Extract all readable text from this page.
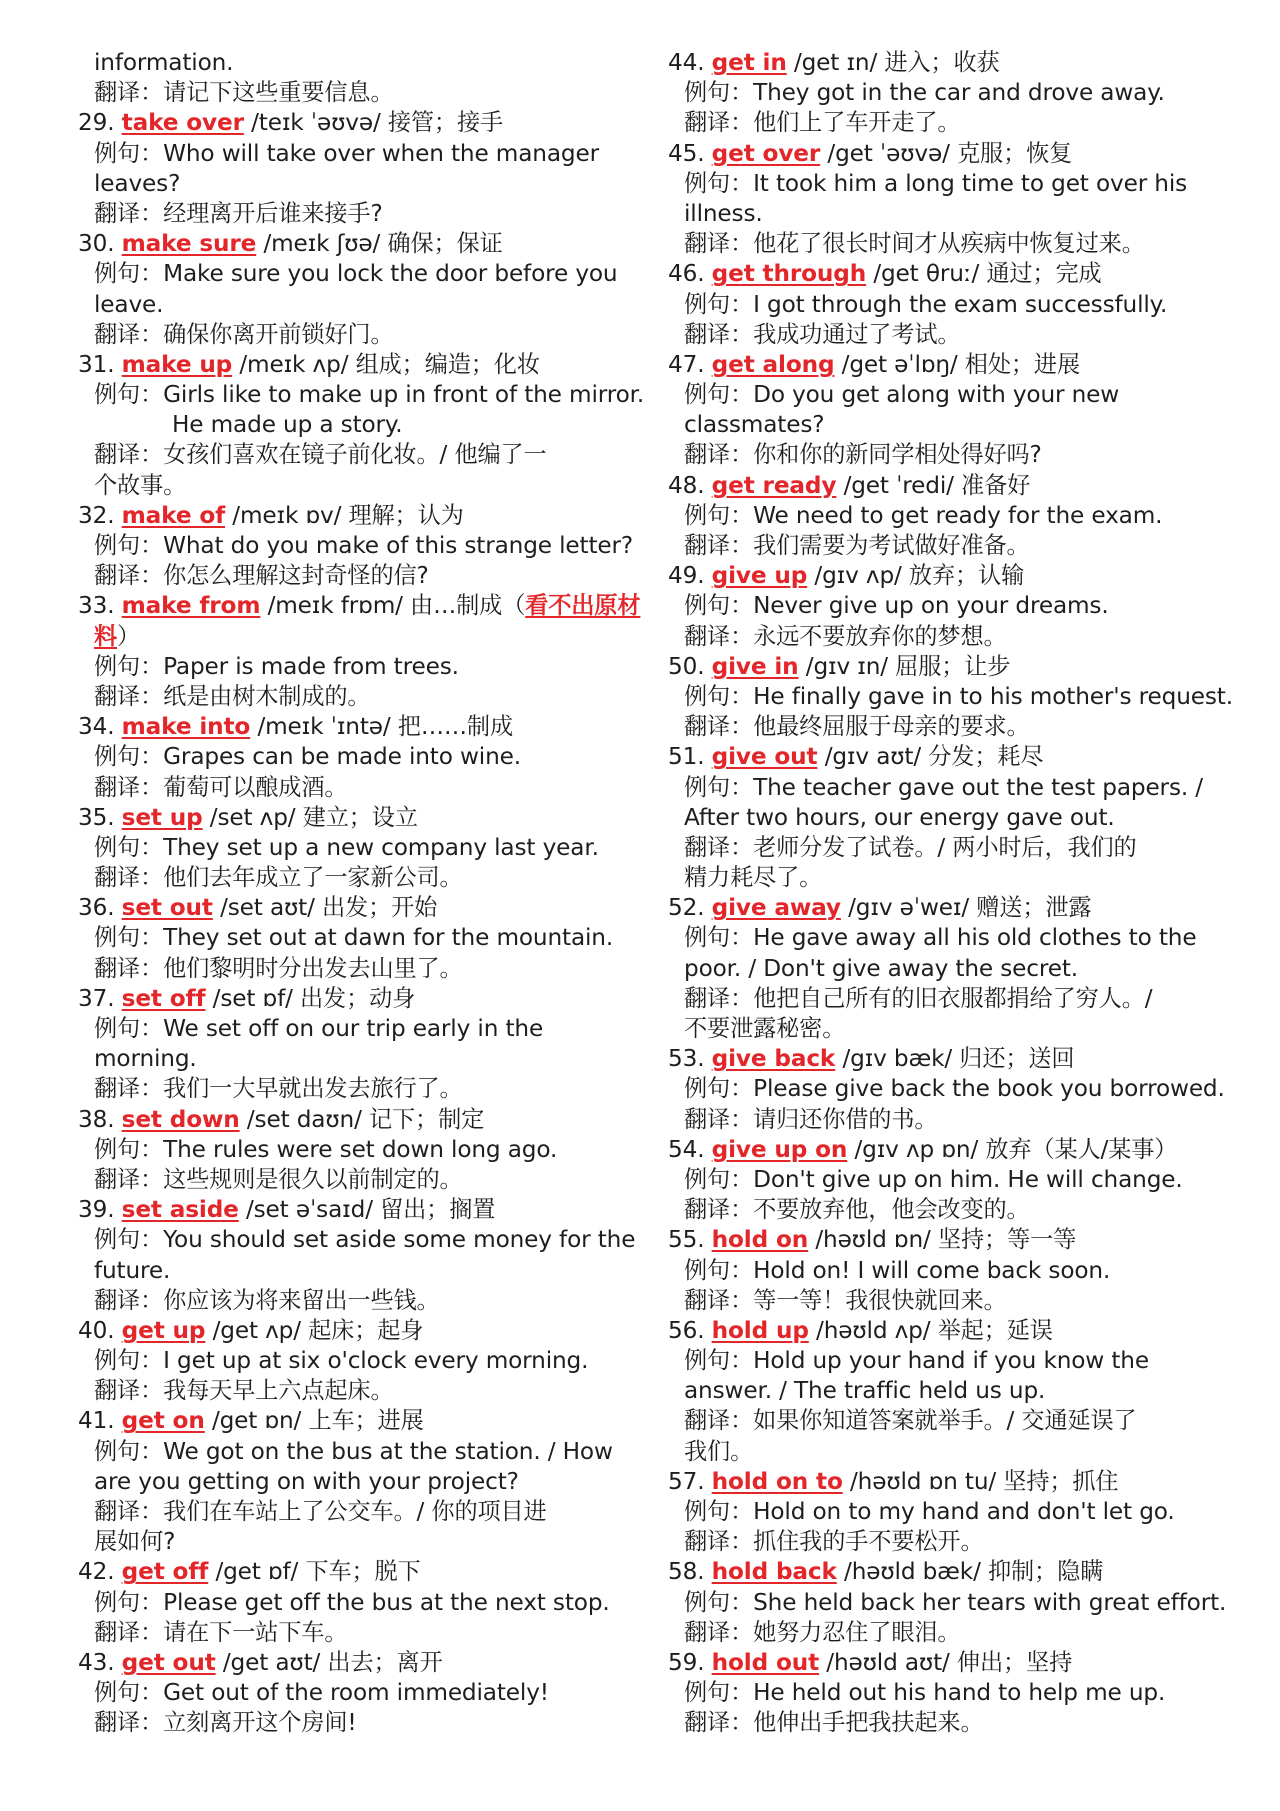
information.
翻译：请记下这些重要信息。
29. take over /teɪk ˈəʊvə/ 接管；接手
例句：Who will take over when the manager
leaves?
翻译：经理离开后谁来接手?
30. make sure /meɪk ʃʊə/ 确保；保证
例句：Make sure you lock the door before you
leave.
翻译：确保你离开前锁好门。
31. make up /meɪk ʌp/ 组成；编造；化妆
例句：Girls like to make up in front of the mirror.
He made up a story.
翻译：女孩们喜欢在镜子前化妆。/ 他编了一
个故事。
32. make of /meɪk ɒv/ 理解；认为
例句：What do you make of this strange letter?
翻译：你怎么理解这封奇怪的信?
33. make from /meɪk frɒm/ 由…制成（看不出原材
料）
例句：Paper is made from trees.
翻译：纸是由树木制成的。
34. make into /meɪk ˈɪntə/ 把……制成
例句：Grapes can be made into wine.
翻译：葡萄可以酿成酒。
35. set up /set ʌp/ 建立；设立
例句：They set up a new company last year.
翻译：他们去年成立了一家新公司。
36. set out /set aʊt/ 出发；开始
例句：They set out at dawn for the mountain.
翻译：他们黎明时分出发去山里了。
37. set off /set ɒf/ 出发；动身
例句：We set off on our trip early in the
morning.
翻译：我们一大早就出发去旅行了。
38. set down /set daʊn/ 记下；制定
例句：The rules were set down long ago.
翻译：这些规则是很久以前制定的。
39. set aside /set əˈsaɪd/ 留出；搁置
例句：You should set aside some money for the
future.
翻译：你应该为将来留出一些钱。
40. get up /get ʌp/ 起床；起身
例句：I get up at six o'clock every morning.
翻译：我每天早上六点起床。
41. get on /get ɒn/ 上车；进展
例句：We got on the bus at the station. / How
are you getting on with your project?
翻译：我们在车站上了公交车。/ 你的项目进
展如何?
42. get off /get ɒf/ 下车；脱下
例句：Please get off the bus at the next stop.
翻译：请在下一站下车。
43. get out /get aʊt/ 出去；离开
例句：Get out of the room immediately!
翻译：立刻离开这个房间!
44. get in /get ɪn/ 进入；收获
例句：They got in the car and drove away.
翻译：他们上了车开走了。
45. get over /get ˈəʊvə/ 克服；恢复
例句：It took him a long time to get over his
illness.
翻译：他花了很长时间才从疾病中恢复过来。
46. get through /get θruː/ 通过；完成
例句：I got through the exam successfully.
翻译：我成功通过了考试。
47. get along /get əˈlɒŋ/ 相处；进展
例句：Do you get along with your new
classmates?
翻译：你和你的新同学相处得好吗?
48. get ready /get ˈredi/ 准备好
例句：We need to get ready for the exam.
翻译：我们需要为考试做好准备。
49. give up /gɪv ʌp/ 放弃；认输
例句：Never give up on your dreams.
翻译：永远不要放弃你的梦想。
50. give in /gɪv ɪn/ 屈服；让步
例句：He finally gave in to his mother's request.
翻译：他最终屈服于母亲的要求。
51. give out /gɪv aʊt/ 分发；耗尽
例句：The teacher gave out the test papers. /
After two hours, our energy gave out.
翻译：老师分发了试卷。/ 两小时后，我们的
精力耗尽了。
52. give away /gɪv əˈweɪ/ 赠送；泄露
例句：He gave away all his old clothes to the
poor. / Don't give away the secret.
翻译：他把自己所有的旧衣服都捐给了穷人。/
不要泄露秘密。
53. give back /gɪv bæk/ 归还；送回
例句：Please give back the book you borrowed.
翻译：请归还你借的书。
54. give up on /gɪv ʌp ɒn/ 放弃（某人/某事）
例句：Don't give up on him. He will change.
翻译：不要放弃他，他会改变的。
55. hold on /həʊld ɒn/ 坚持；等一等
例句：Hold on! I will come back soon.
翻译：等一等！我很快就回来。
56. hold up /həʊld ʌp/ 举起；延误
例句：Hold up your hand if you know the
answer. / The traffic held us up.
翻译：如果你知道答案就举手。/ 交通延误了
我们。
57. hold on to /həʊld ɒn tu/ 坚持；抓住
例句：Hold on to my hand and don't let go.
翻译：抓住我的手不要松开。
58. hold back /həʊld bæk/ 抑制；隐瞒
例句：She held back her tears with great effort.
翻译：她努力忍住了眼泪。
59. hold out /həʊld aʊt/ 伸出；坚持
例句：He held out his hand to help me up.
翻译：他伸出手把我扶起来。
